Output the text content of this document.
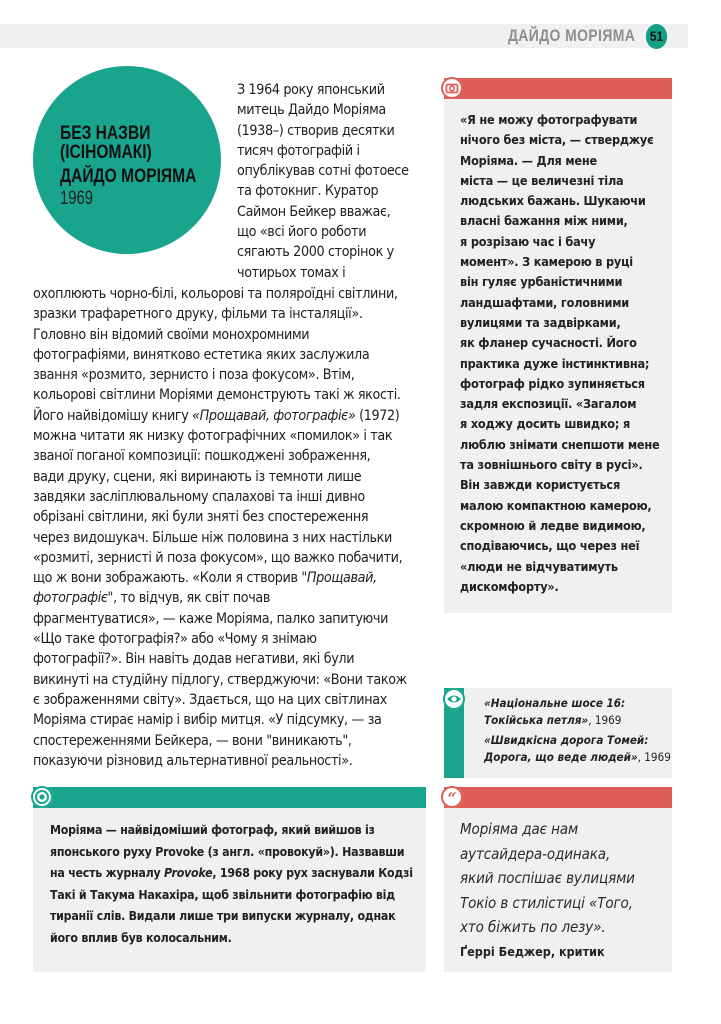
ДАЙДО МОРІЯМА 51
БЕЗ НАЗВИ
(ІСІНОМАКІ)
ДАЙДО МОРІЯМА
1969
З 1964 року японський
митець Дайдо Моріяма
(1938–) створив десятки
тисяч фотографій і
опублікував сотні фотоесе
та фотокниг. Куратор
Саймон Бейкер вважає,
що «всі його роботи
сягають 2000 сторінок у
чотирьох томах і
охоплюють чорно-білі, кольорові та поляроїдні світлини,
зразки трафаретного друку, фільми та інсталяції».
Головно він відомий своїми монохромними
фотографіями, винятково естетика яких заслужила
звання «розмито, зернисто і поза фокусом». Втім,
кольорові світлини Моріями демонструють такі ж якості.
Його найвідомішу книгу «Прощавай, фотографіє» (1972)
можна читати як низку фотографічних «помилок» і так
званої поганої композиції: пошкоджені зображення,
вади друку, сцени, які виринають із темноти лише
завдяки засліплювальному спалахові та інші дивно
обрізані світлини, які були зняті без спостереження
через видошукач. Більше ніж половина з них настільки
«розмиті, зернисті й поза фокусом», що важко побачити,
що ж вони зображають. «Коли я створив "Прощавай,
фотографіє", то відчув, як світ почав
фрагментуватися», — каже Моріяма, палко запитуючи
«Що таке фотографія?» або «Чому я знімаю
фотографії?». Він навіть додав негативи, які були
викинуті на студійну підлогу, стверджуючи: «Вони також
є зображеннями світу». Здається, що на цих світлинах
Моріяма стирає намір і вибір митця. «У підсумку, — за
спостереженнями Бейкера, — вони "виникають",
показуючи різновид альтернативної реальності».
«Я не можу фотографувати
нічого без міста, — стверджує
Моріяма. — Для мене
міста — це величезні тіла
людських бажань. Шукаючи
власні бажання між ними,
я розрізаю час і бачу
момент». З камерою в руці
він гуляє урбаністичними
ландшафтами, головними
вулицями та задвірками,
як фланер сучасності. Його
практика дуже інстинктивна;
фотограф рідко зупиняється
задля експозиції. «Загалом
я ходжу досить швидко; я
люблю знімати снепшоти мене
та зовнішнього світу в русі».
Він завжди користується
малою компактною камерою,
скромною й ледве видимою,
сподіваючись, що через неї
«люди не відчуватимуть
дискомфорту».
«Національне шосе 16:
Токійська петля», 1969
«Швидкісна дорога Томей:
Дорога, що веде людей», 1969
Моріяма — найвідоміший фотограф, який вийшов із
японського руху Provoke (з англ. «провокуй»). Назвавши
на честь журналу Provoke, 1968 року рух заснували Кодзі
Такі й Такума Накахіра, щоб звільнити фотографію від
тиранії слів. Видали лише три випуски журналу, однак
його вплив був колосальним.
“
Моріяма дає нам
аутсайдера-одинака,
який поспішає вулицями
Токіо в стилістиці «Того,
хто біжить по лезу».
Ґеррі Беджер, критик
